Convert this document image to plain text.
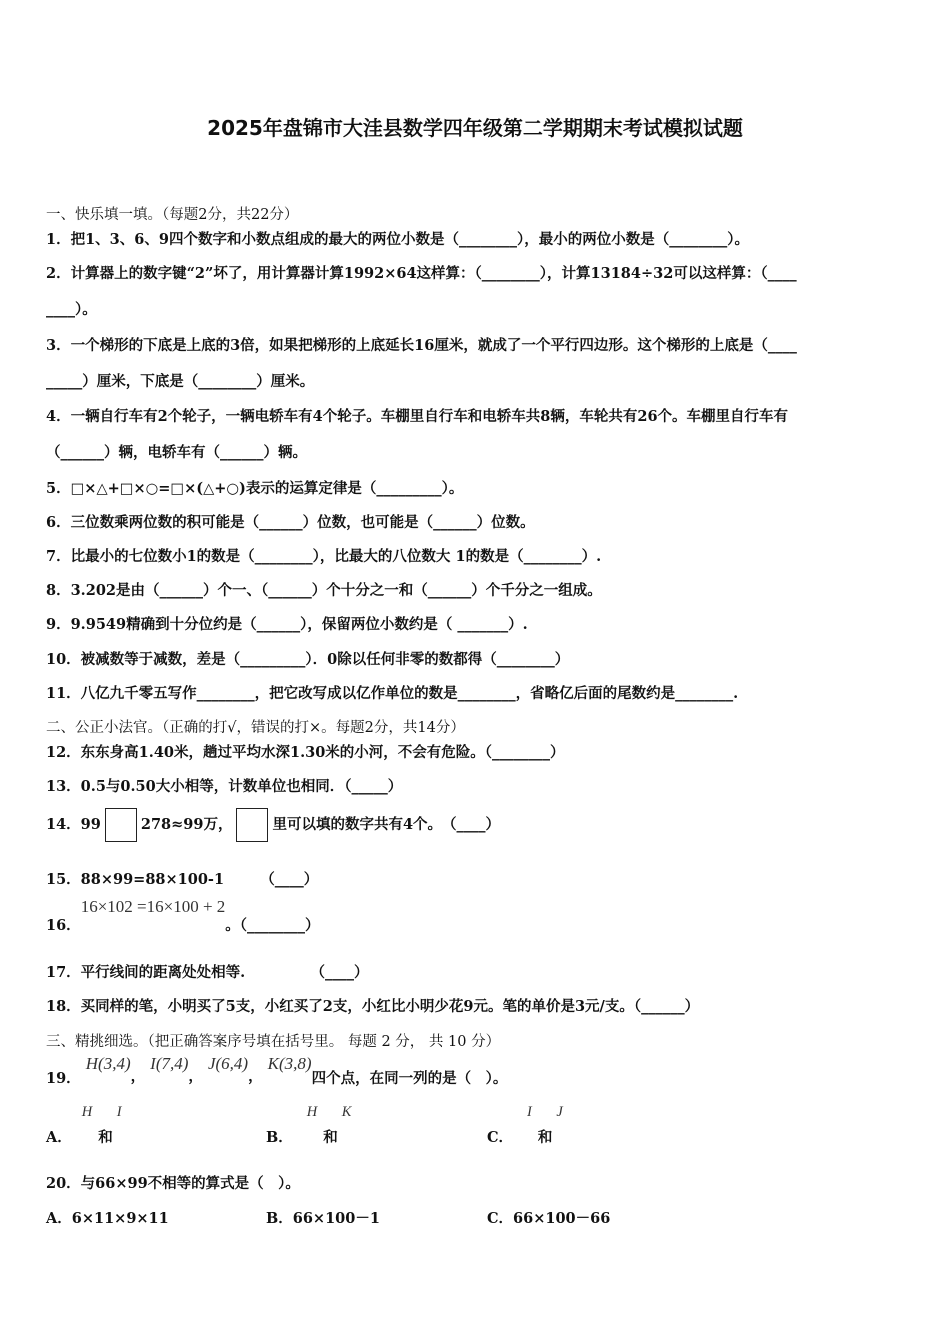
2025年盘锦市大洼县数学四年级第二学期期末考试模拟试题
一、快乐填一填。（每题2分，共22分）
1．把1、3、6、9四个数字和小数点组成的最大的两位小数是（________），最小的两位小数是（________）。
2．计算器上的数字键“2”坏了，用计算器计算1992×64这样算：（________），计算13184÷32可以这样算：（____
____）。
3．一个梯形的下底是上底的3倍，如果把梯形的上底延长16厘米，就成了一个平行四边形。这个梯形的上底是（____
_____）厘米，下底是（________）厘米。
4．一辆自行车有2个轮子，一辆电轿车有4个轮子。车棚里自行车和电轿车共8辆，车轮共有26个。车棚里自行车有
（______）辆，电轿车有（______）辆。
5．□×△+□×○=□×(△+○)表示的运算定律是（_________）。
6．三位数乘两位数的积可能是（______）位数，也可能是（______）位数。
7．比最小的七位数小1的数是（________），比最大的八位数大 1的数是（________）.
8．3.202是由（______）个一、（______）个十分之一和（______）个千分之一组成。
9．9.9549精确到十分位约是（______），保留两位小数约是（ _______）.
10．被减数等于减数，差是（_________）．0除以任何非零的数都得（________）
11．八亿九千零五写作________，把它改写成以亿作单位的数是________，省略亿后面的尾数约是________.
二、公正小法官。（正确的打√，错误的打×。每题2分，共14分）
12．东东身高1.40米，趟过平均水深1.30米的小河，不会有危险。（________）
13．0.5与0.50大小相等，计数单位也相同．（_____）
14．99	278≈99万，	里可以填的数字共有4个。　（____）
15．88×99=88×100-1　　　（____）
16．16×102 =16×100 + 2。（________）
17．平行线间的距离处处相等.　　　　　（____）
18．买同样的笔，小明买了5支，小红买了2支，小红比小明少花9元。笔的单价是3元/支。（______）
三、精挑细选。（把正确答案序号填在括号里。 每题 2 分， 共 10 分）
19． H(3,4)， I(7,4)， J(6,4)， K(3,8)四个点，在同一列的是（　）。
A．H和I
B．H和K
C．I和J
20．与66×99不相等的算式是（　）。
A．6×11×9×11	B．66×100－1	C．66×100－66
